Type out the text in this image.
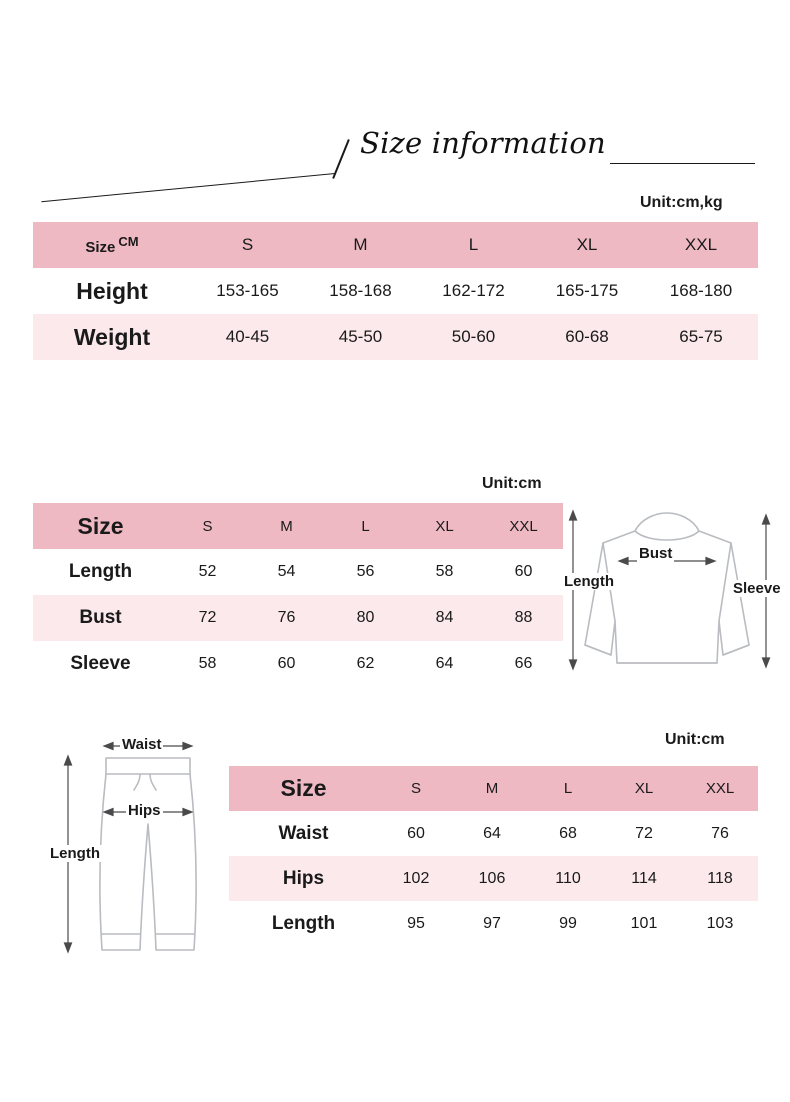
Size information
Unit:cm,kg
Size CM	S	M	L	XL	XXL
Height	153-165	158-168	162-172	165-175	168-180
Weight	40-45	45-50	50-60	60-68	65-75
Unit:cm
Size	S	M	L	XL	XXL
Length	52	54	56	58	60
Bust	72	76	80	84	88
Sleeve	58	60	62	64	66
Length
Bust
Sleeve
Unit:cm
Size	S	M	L	XL	XXL
Waist	60	64	68	72	76
Hips	102	106	110	114	118
Length	95	97	99	101	103
Waist
Hips
Length
